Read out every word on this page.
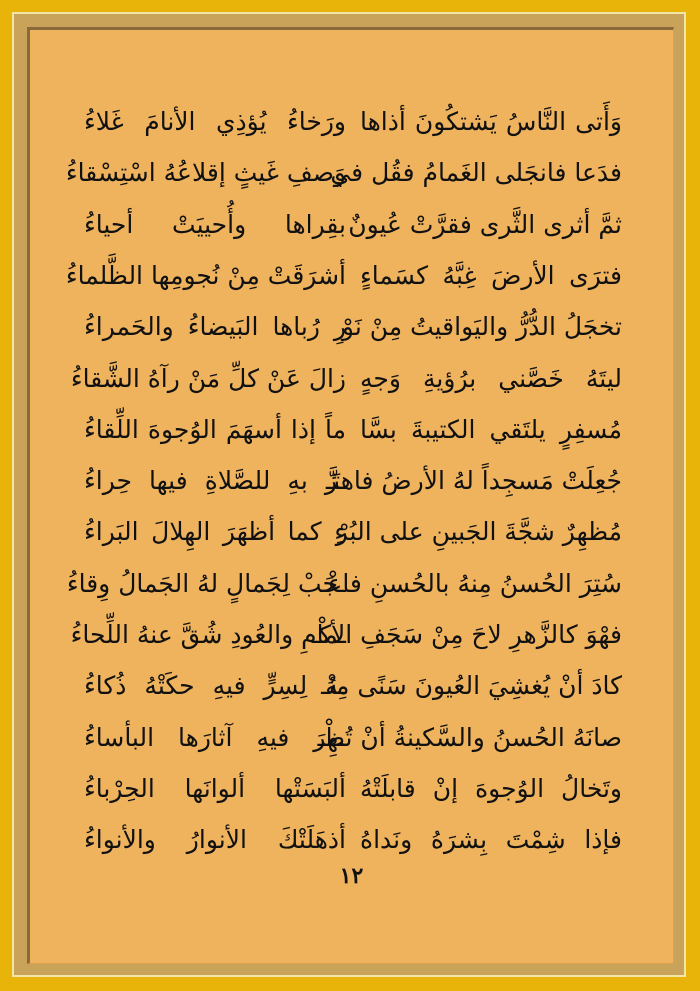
وَأَتى النَّاسُ يَشتكُونَ أذاها
ورَخاءُ يُؤذِي الأنامَ غَلاءُ
فدَعا فانجَلى الغَمامُ فقُل في
وَصفِ غَيثٍ إقلاعُهُ اسْتِسْقاءُ
ثمَّ أثرى الثَّرى فقرَّتْ عُيونٌ
بقِراها وأُحييَتْ أحياءُ
فترَى الأرضَ غِبَّهُ كسَماءٍ
أشرَقَتْ مِنْ نُجومِها الظَّلماءُ
تخجَلُ الدُّرُّ واليَواقيتُ مِنْ نَوْ
رِ رُباها البَيضاءُ والحَمراءُ
ليتَهُ خَصَّني برُؤيةِ وَجهٍ
زالَ عَنْ كلِّ مَنْ رآهُ الشَّقاءُ
مُسفِرٍ يلتَقي الكتيبةَ بسَّا
ماً إذا أسهَمَ الوُجوهَ اللِّقاءُ
جُعِلَتْ مَسجِداً لهُ الأرضُ فاهتَـ
ـزَّ بهِ للصَّلاةِ فيها حِراءُ
مُظهِرٌ شجَّةَ الجَبينِ على البُرْ
ءِ كما أظهَرَ الهِلالَ البَراءُ
سُتِرَ الحُسنُ مِنهُ بالحُسنِ فاعْـ
ـجَبْ لِجَمالٍ لهُ الجَمالُ وِقاءُ
فهْوَ كالزَّهرِ لاحَ مِنْ سَجَفِ الأكْـ
ـمامِ والعُودِ شُقَّ عنهُ اللِّحاءُ
كادَ أنْ يُغشِيَ العُيونَ سَنًى مِنْـ
ـهُ لِسِرٍّ فيهِ حكَتْهُ ذُكاءُ
صانَهُ الحُسنُ والسَّكينةُ أنْ تُظْـ
ـهِرَ فيهِ آثارَها البأساءُ
وتَخالُ الوُجوهَ إنْ قابلَتْهُ
ألبَسَتْها ألوانَها الحِرْباءُ
فإذا شِمْتَ بِشرَهُ ونَداهُ
أذهَلَتْكَ الأنوارُ والأنواءُ
١٢
